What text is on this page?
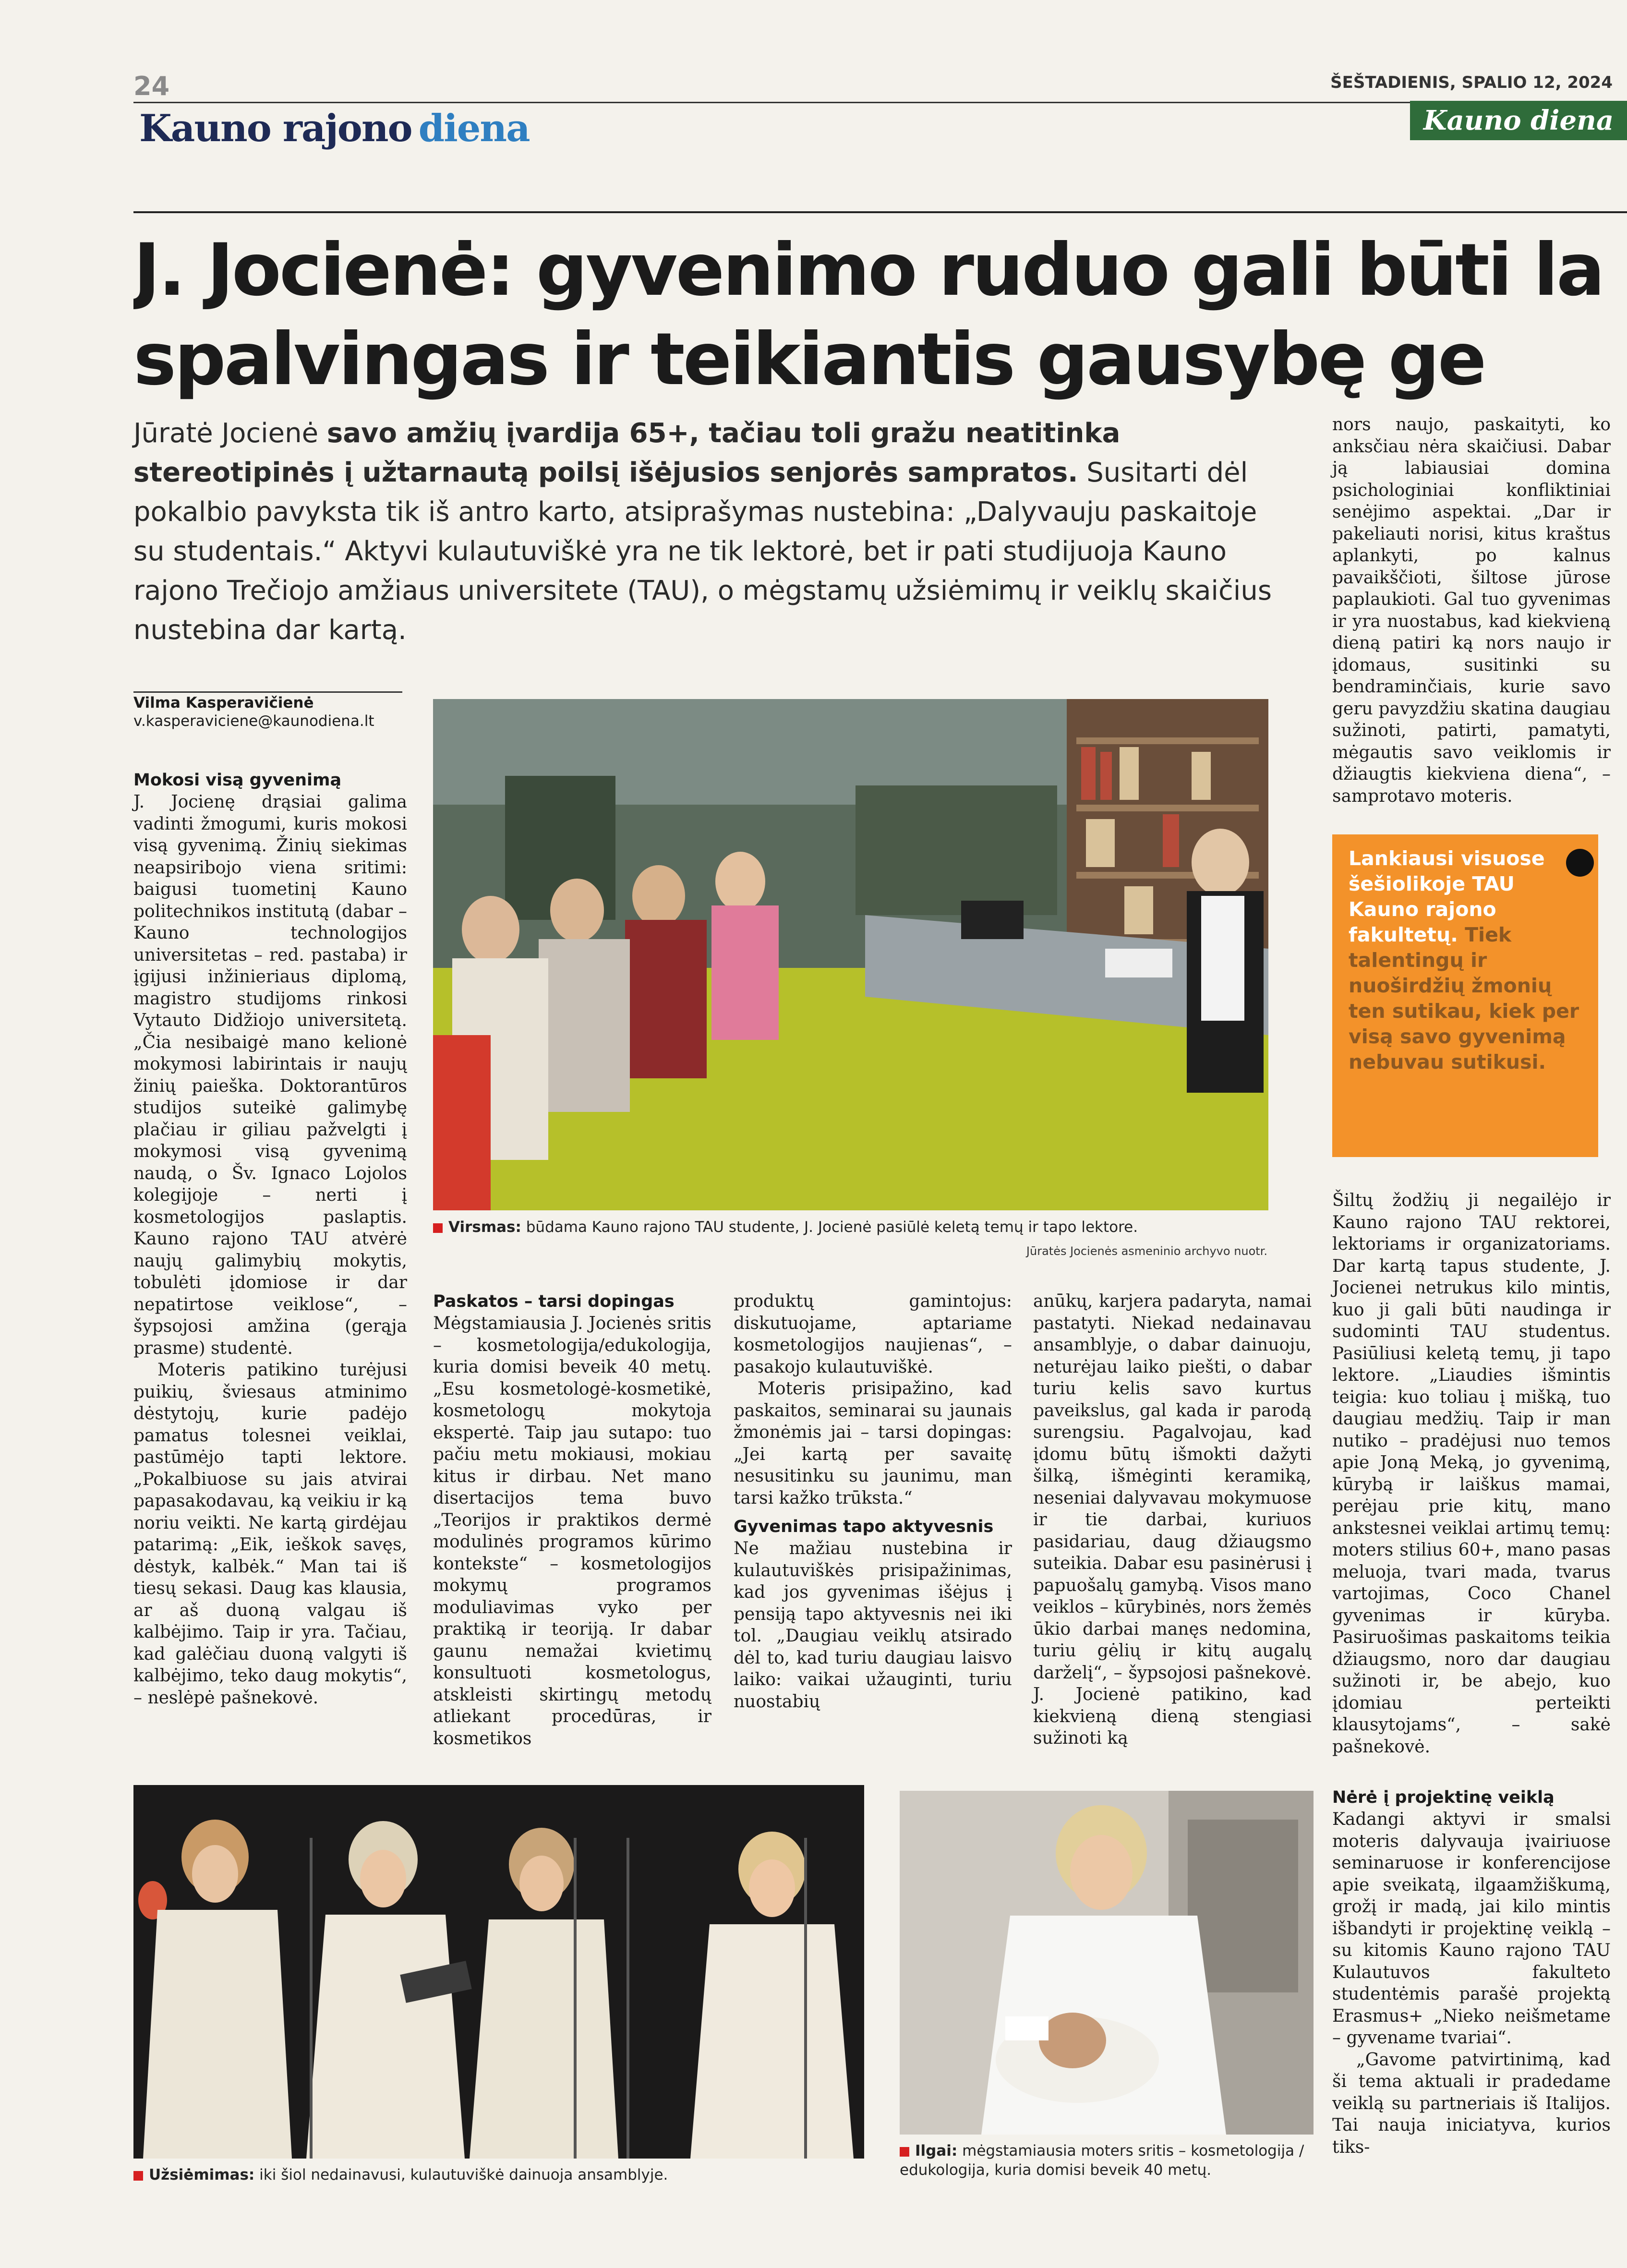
24	ŠEŠTADIENIS, SPALIO 12, 2024
Kauno rajono diena	Kauno diena
J. Jocienė: gyvenimo ruduo gali būti la
spalvingas ir teikiantis gausybę ge
Jūratė Jocienė savo amžių įvardija 65+, tačiau toli gražu neatitinka stereotipinės į užtarnautą poilsį išėjusios senjorės sampratos. Susitarti dėl pokalbio pavyksta tik iš antro karto, atsiprašymas nustebina: „Dalyvauju paskaitoje su studentais.“ Aktyvi kulautuviškė yra ne tik lektorė, bet ir pati studijuoja Kauno rajono Trečiojo amžiaus universitete (TAU), o mėgstamų užsiėmimų ir veiklų skaičius nustebina dar kartą.
Vilma Kasperavičienė
v.kasperaviciene@kaunodiena.lt
Mokosi visą gyvenimą

J. Jocienę drąsiai galima vadinti žmogumi, kuris mokosi visą gyvenimą. Žinių siekimas neapsiribojo viena sritimi: baigusi tuometinį Kauno politechnikos institutą (dabar – Kauno technologijos universitetas – red. pastaba) ir įgijusi inžinieriaus diplomą, magistro studijoms rinkosi Vytauto Didžiojo universitetą. „Čia nesibaigė mano kelionė mokymosi labirintais ir naujų žinių paieška. Doktorantūros studijos suteikė galimybę plačiau ir giliau pažvelgti į mokymosi visą gyvenimą naudą, o Šv. Ignaco Lojolos kolegijoje – nerti į kosmetologijos paslaptis. Kauno rajono TAU atvėrė naujų galimybių mokytis, tobulėti įdomiose ir dar nepatirtose veiklose“, – šypsojosi amžina (gerąja prasme) studentė.

Moteris patikino turėjusi puikių, šviesaus atminimo dėstytojų, kurie padėjo pamatus tolesnei veiklai, pastūmėjo tapti lektore. „Pokalbiuose su jais atvirai papasakodavau, ką veikiu ir ką noriu veikti. Ne kartą girdėjau patarimą: „Eik, ieškok savęs, dėstyk, kalbėk.“ Man tai iš tiesų sekasi. Daug kas klausia, ar aš duoną valgau iš kalbėjimo. Taip ir yra. Tačiau, kad galėčiau duoną valgyti iš kalbėjimo, teko daug mokytis“, – neslėpė pašnekovė.

Virsmas: būdama Kauno rajono TAU studente, J. Jocienė pasiūlė keletą temų ir tapo lektore.
Jūratės Jocienės asmeninio archyvo nuotr.
Paskatos – tarsi dopingas

Mėgstamiausia J. Jocienės sritis – kosmetologija/edukologija, kuria domisi beveik 40 metų. „Esu kosmetologė-kosmetikė, kosmetologų mokytoja ekspertė. Taip jau sutapo: tuo pačiu metu mokiausi, mokiau kitus ir dirbau. Net mano disertacijos tema buvo „Teorijos ir praktikos dermė modulinės programos kūrimo kontekste“ – kosmetologijos mokymų programos moduliavimas vyko per praktiką ir teoriją. Ir dabar gaunu nemažai kvietimų konsultuoti kosmetologus, atskleisti skirtingų metodų atliekant procedūras, ir kosmetikos

produktų gamintojus: diskutuojame, aptariame kosmetologijos naujienas“, – pasakojo kulautuviškė.

Moteris prisipažino, kad paskaitos, seminarai su jaunais žmonėmis jai – tarsi dopingas: „Jei kartą per savaitę nesusitinku su jaunimu, man tarsi kažko trūksta.“

Gyvenimas tapo aktyvesnis

Ne mažiau nustebina ir kulautuviškės prisipažinimas, kad jos gyvenimas išėjus į pensiją tapo aktyvesnis nei iki tol. „Daugiau veiklų atsirado dėl to, kad turiu daugiau laisvo laiko: vaikai užauginti, turiu nuostabių

anūkų, karjera padaryta, namai pastatyti. Niekad nedainavau ansamblyje, o dabar dainuoju, neturėjau laiko piešti, o dabar turiu kelis savo kurtus paveikslus, gal kada ir parodą surengsiu. Pagalvojau, kad įdomu būtų išmokti dažyti šilką, išmėginti keramiką, neseniai dalyvavau mokymuose ir tie darbai, kuriuos pasidariau, daug džiaugsmo suteikia. Dabar esu pasinėrusi į papuošalų gamybą. Visos mano veiklos – kūrybinės, nors žemės ūkio darbai manęs nedomina, turiu gėlių ir kitų augalų darželį“, – šypsojosi pašnekovė. J. Jocienė patikino, kad kiekvieną dieną stengiasi sužinoti ką

nors naujo, paskaityti, ko anksčiau nėra skaičiusi. Dabar ją labiausiai domina psichologiniai konfliktiniai senėjimo aspektai. „Dar ir pakeliauti norisi, kitus kraštus aplankyti, po kalnus pavaikščioti, šiltose jūrose paplaukioti. Gal tuo gyvenimas ir yra nuostabus, kad kiekvieną dieną patiri ką nors naujo ir įdomaus, susitinki su bendraminčiais, kurie savo geru pavyzdžiu skatina daugiau sužinoti, patirti, pamatyti, mėgautis savo veiklomis ir džiaugtis kiekviena diena“, – samprotavo moteris.

Lankiausi visuose šešiolikoje TAU Kauno rajono fakultetų. Tiek talentingų ir nuoširdžių žmonių ten sutikau, kiek per visą savo gyvenimą nebuvau sutikusi.

Šiltų žodžių ji negailėjo ir Kauno rajono TAU rektorei, lektoriams ir organizatoriams. Dar kartą tapus studente, J. Jocienei netrukus kilo mintis, kuo ji gali būti naudinga ir sudominti TAU studentus. Pasiūliusi keletą temų, ji tapo lektore. „Liaudies išmintis teigia: kuo toliau į mišką, tuo daugiau medžių. Taip ir man nutiko – pradėjusi nuo temos apie Joną Meką, jo gyvenimą, kūrybą ir laiškus mamai, perėjau prie kitų, mano ankstesnei veiklai artimų temų: moters stilius 60+, mano pasas meluoja, tvari mada, tvarus vartojimas, Coco Chanel gyvenimas ir kūryba. Pasiruošimas paskaitoms teikia džiaugsmo, noro dar daugiau sužinoti ir, be abejo, kuo įdomiau perteikti klausytojams“, – sakė pašnekovė.

Nėrė į projektinę veiklą

Kadangi aktyvi ir smalsi moteris dalyvauja įvairiuose seminaruose ir konferencijose apie sveikatą, ilgaamžiškumą, grožį ir madą, jai kilo mintis išbandyti ir projektinę veiklą – su kitomis Kauno rajono TAU Kulautuvos fakulteto studentėmis parašė projektą Erasmus+ „Nieko neišmetame – gyvename tvariai“.

„Gavome patvirtinimą, kad ši tema aktuali ir pradedame veiklą su partneriais iš Italijos. Tai nauja iniciatyva, kurios tiks-

Užsiėmimas: iki šiol nedainavusi, kulautuviškė dainuoja ansamblyje.
Ilgai: mėgstamiausia moters sritis – kosmetologija / edukologija, kuria domisi beveik 40 metų.
